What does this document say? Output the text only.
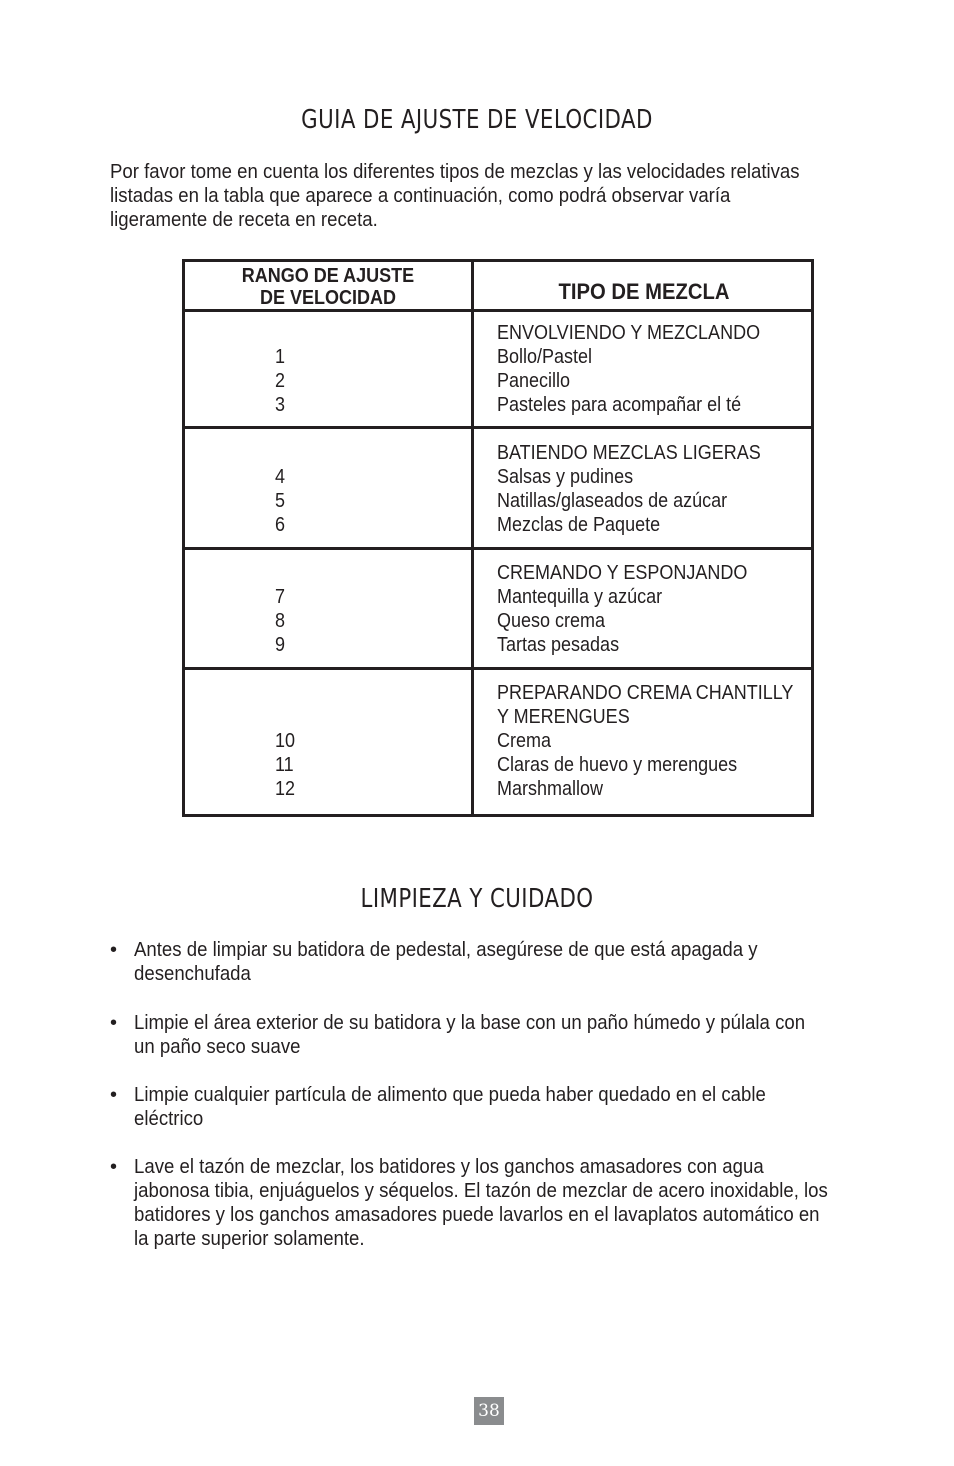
GUIA DE AJUSTE DE VELOCIDAD

Por favor tome en cuenta los diferentes tipos de mezclas y las velocidades relativas
listadas en la tabla que aparece a continuación, como podrá observar varía
ligeramente de receta en receta.

RANGO DE AJUSTE
DE VELOCIDAD	TIPO DE MEZCLA
1
2
3
ENVOLVIENDO Y MEZCLANDO
Bollo/Pastel
Panecillo
Pasteles para acompañar el té
4
5
6
BATIENDO MEZCLAS LIGERAS
Salsas y pudines
Natillas/glaseados de azúcar
Mezclas de Paquete
7
8
9
CREMANDO Y ESPONJANDO
Mantequilla y azúcar
Queso crema
Tartas pesadas
10
11
12
PREPARANDO CREMA CHANTILLY
Y MERENGUES
Crema
Claras de huevo y merengues
Marshmallow
LIMPIEZA Y CUIDADO
• Antes de limpiar su batidora de pedestal, asegúrese de que está apagada y
desenchufada
• Limpie el área exterior de su batidora y la base con un paño húmedo y púlala con
un paño seco suave
• Limpie cualquier partícula de alimento que pueda haber quedado en el cable
eléctrico
• Lave el tazón de mezclar, los batidores y los ganchos amasadores con agua
jabonosa tibia, enjuáguelos y séquelos. El tazón de mezclar de acero inoxidable, los
batidores y los ganchos amasadores puede lavarlos en el lavaplatos automático en
la parte superior solamente.
38
